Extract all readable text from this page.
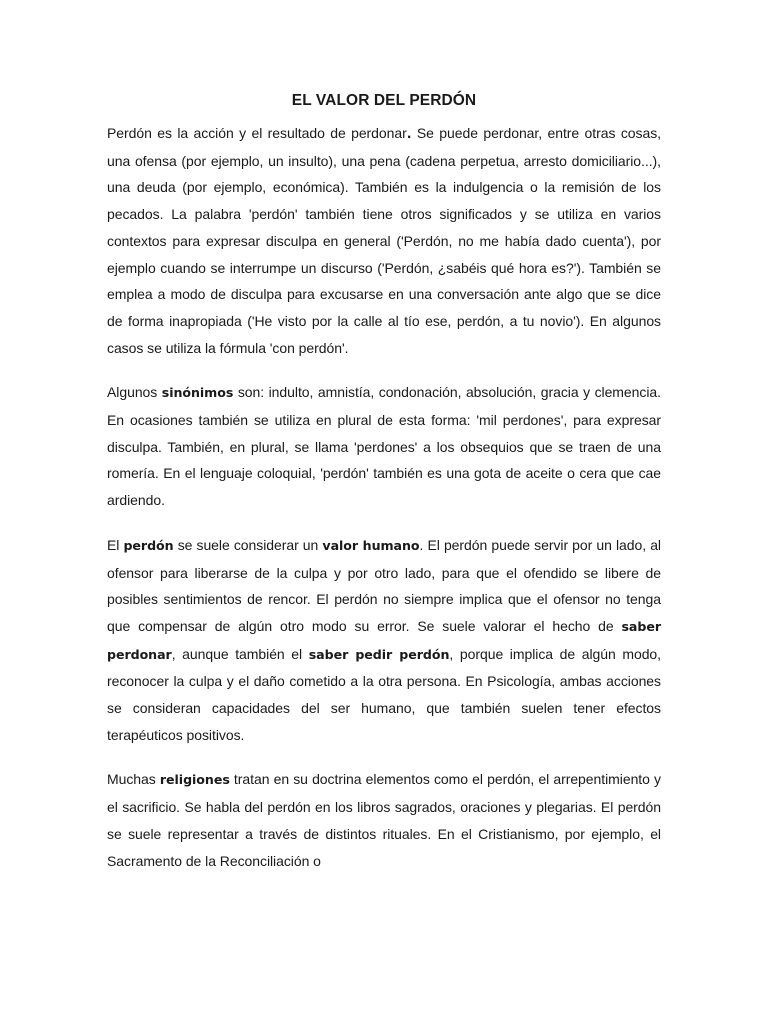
EL VALOR DEL PERDÓN

Perdón es la acción y el resultado de perdonar. Se puede perdonar, entre otras cosas, una ofensa (por ejemplo, un insulto), una pena (cadena perpetua, arresto domiciliario...), una deuda (por ejemplo, económica). También es la indulgencia o la remisión de los pecados. La palabra 'perdón' también tiene otros significados y se utiliza en varios contextos para expresar disculpa en general ('Perdón, no me había dado cuenta'), por ejemplo cuando se interrumpe un discurso ('Perdón, ¿sabéis qué hora es?'). También se emplea a modo de disculpa para excusarse en una conversación ante algo que se dice de forma inapropiada ('He visto por la calle al tío ese, perdón, a tu novio'). En algunos casos se utiliza la fórmula 'con perdón'.

Algunos sinónimos son: indulto, amnistía, condonación, absolución, gracia y clemencia. En ocasiones también se utiliza en plural de esta forma: 'mil perdones', para expresar disculpa. También, en plural, se llama 'perdones' a los obsequios que se traen de una romería. En el lenguaje coloquial, 'perdón' también es una gota de aceite o cera que cae ardiendo.

El perdón se suele considerar un valor humano. El perdón puede servir por un lado, al ofensor para liberarse de la culpa y por otro lado, para que el ofendido se libere de posibles sentimientos de rencor. El perdón no siempre implica que el ofensor no tenga que compensar de algún otro modo su error. Se suele valorar el hecho de saber perdonar, aunque también el saber pedir perdón, porque implica de algún modo, reconocer la culpa y el daño cometido a la otra persona. En Psicología, ambas acciones se consideran capacidades del ser humano, que también suelen tener efectos terapéuticos positivos.

Muchas religiones tratan en su doctrina elementos como el perdón, el arrepentimiento y el sacrificio. Se habla del perdón en los libros sagrados, oraciones y plegarias. El perdón se suele representar a través de distintos rituales. En el Cristianismo, por ejemplo, el Sacramento de la Reconciliación o
